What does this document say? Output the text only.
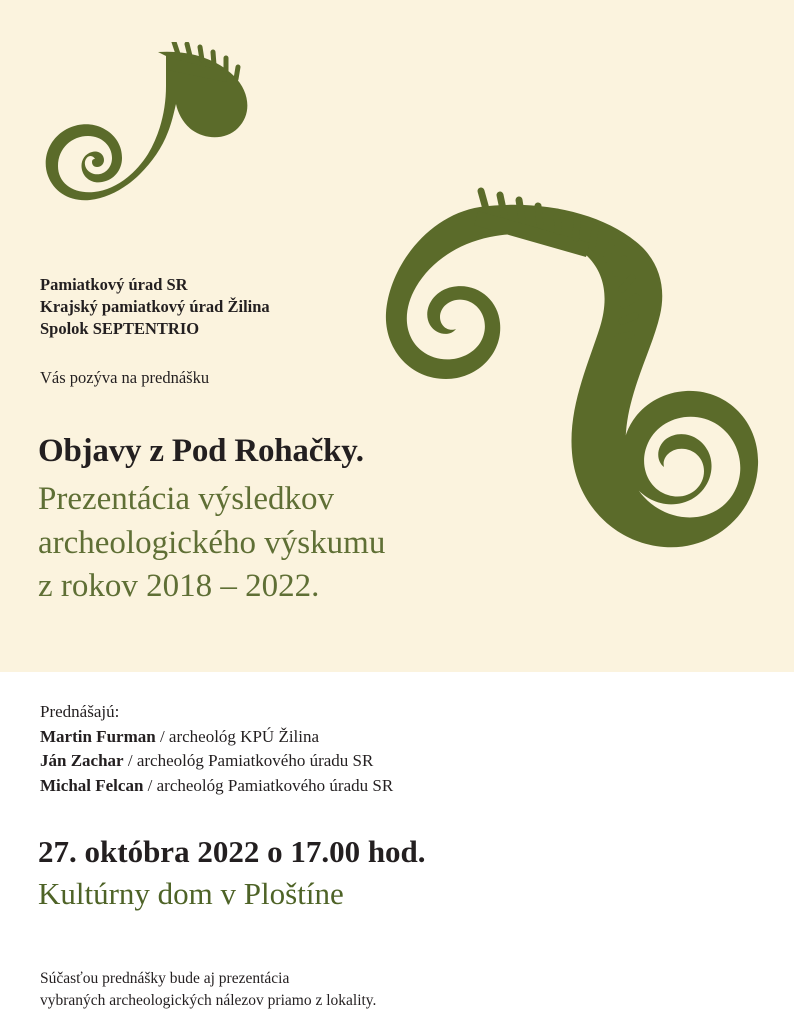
Pamiatkový úrad SR
Krajský pamiatkový úrad Žilina
Spolok SEPTENTRIO
Vás pozýva na prednášku
Objavy z Pod Rohačky.
Prezentácia výsledkov
archeologického výskumu
z rokov 2018 – 2022.
Prednášajú:
Martin Furman / archeológ KPÚ Žilina
Ján Zachar / archeológ Pamiatkového úradu SR
Michal Felcan / archeológ Pamiatkového úradu SR
27. októbra 2022 o 17.00 hod.
Kultúrny dom v Ploštíne
Súčasťou prednášky bude aj prezentácia
vybraných archeologických nálezov priamo z lokality.
